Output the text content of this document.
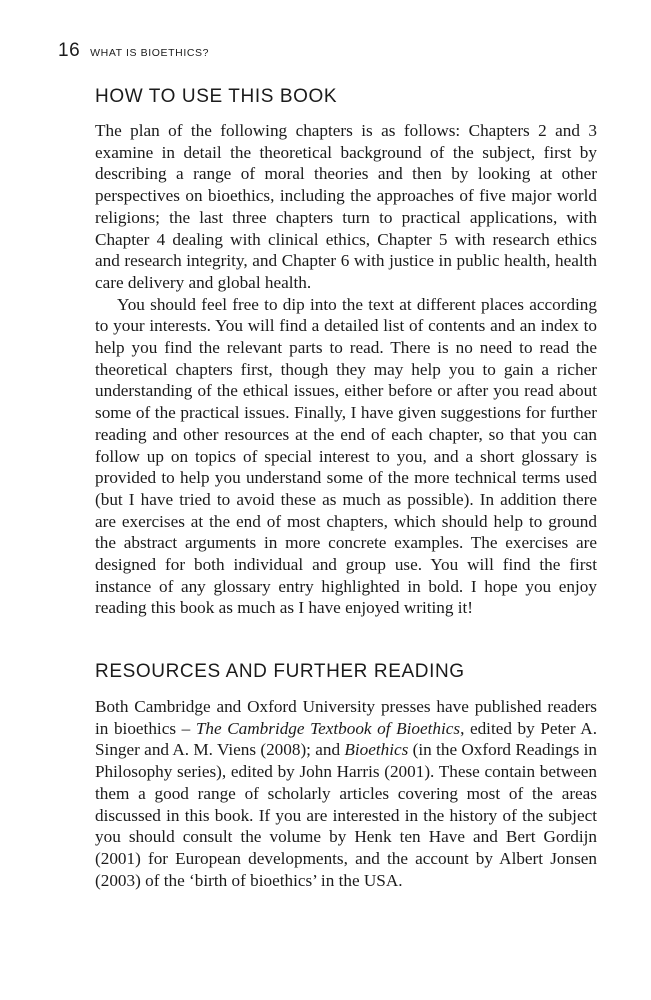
16 WHAT IS BIOETHICS?
HOW TO USE THIS BOOK

The plan of the following chapters is as follows: Chapters 2 and 3 examine in detail the theoretical background of the subject, first by describing a range of moral theories and then by looking at other perspectives on bioethics, including the approaches of five major world religions; the last three chapters turn to practical applications, with Chapter 4 dealing with clinical ethics, Chapter 5 with research ethics and research integrity, and Chapter 6 with justice in public health, health care delivery and global health.

You should feel free to dip into the text at different places according to your interests. You will find a detailed list of contents and an index to help you find the relevant parts to read. There is no need to read the theoretical chapters first, though they may help you to gain a richer understanding of the ethical issues, either before or after you read about some of the practical issues. Finally, I have given suggestions for further reading and other resources at the end of each chapter, so that you can follow up on topics of special interest to you, and a short glossary is provided to help you understand some of the more technical terms used (but I have tried to avoid these as much as possible). In addition there are exercises at the end of most chapters, which should help to ground the abstract arguments in more concrete examples. The exercises are designed for both individual and group use. You will find the first instance of any glossary entry highlighted in bold. I hope you enjoy reading this book as much as I have enjoyed writing it!

RESOURCES AND FURTHER READING

Both Cambridge and Oxford University presses have published readers in bioethics – The Cambridge Textbook of Bioethics, edited by Peter A. Singer and A. M. Viens (2008); and Bioethics (in the Oxford Readings in Philosophy series), edited by John Harris (2001). These contain between them a good range of scholarly articles covering most of the areas discussed in this book. If you are interested in the history of the subject you should consult the volume by Henk ten Have and Bert Gordijn (2001) for European developments, and the account by Albert Jonsen (2003) of the ‘birth of bioethics’ in the USA.
